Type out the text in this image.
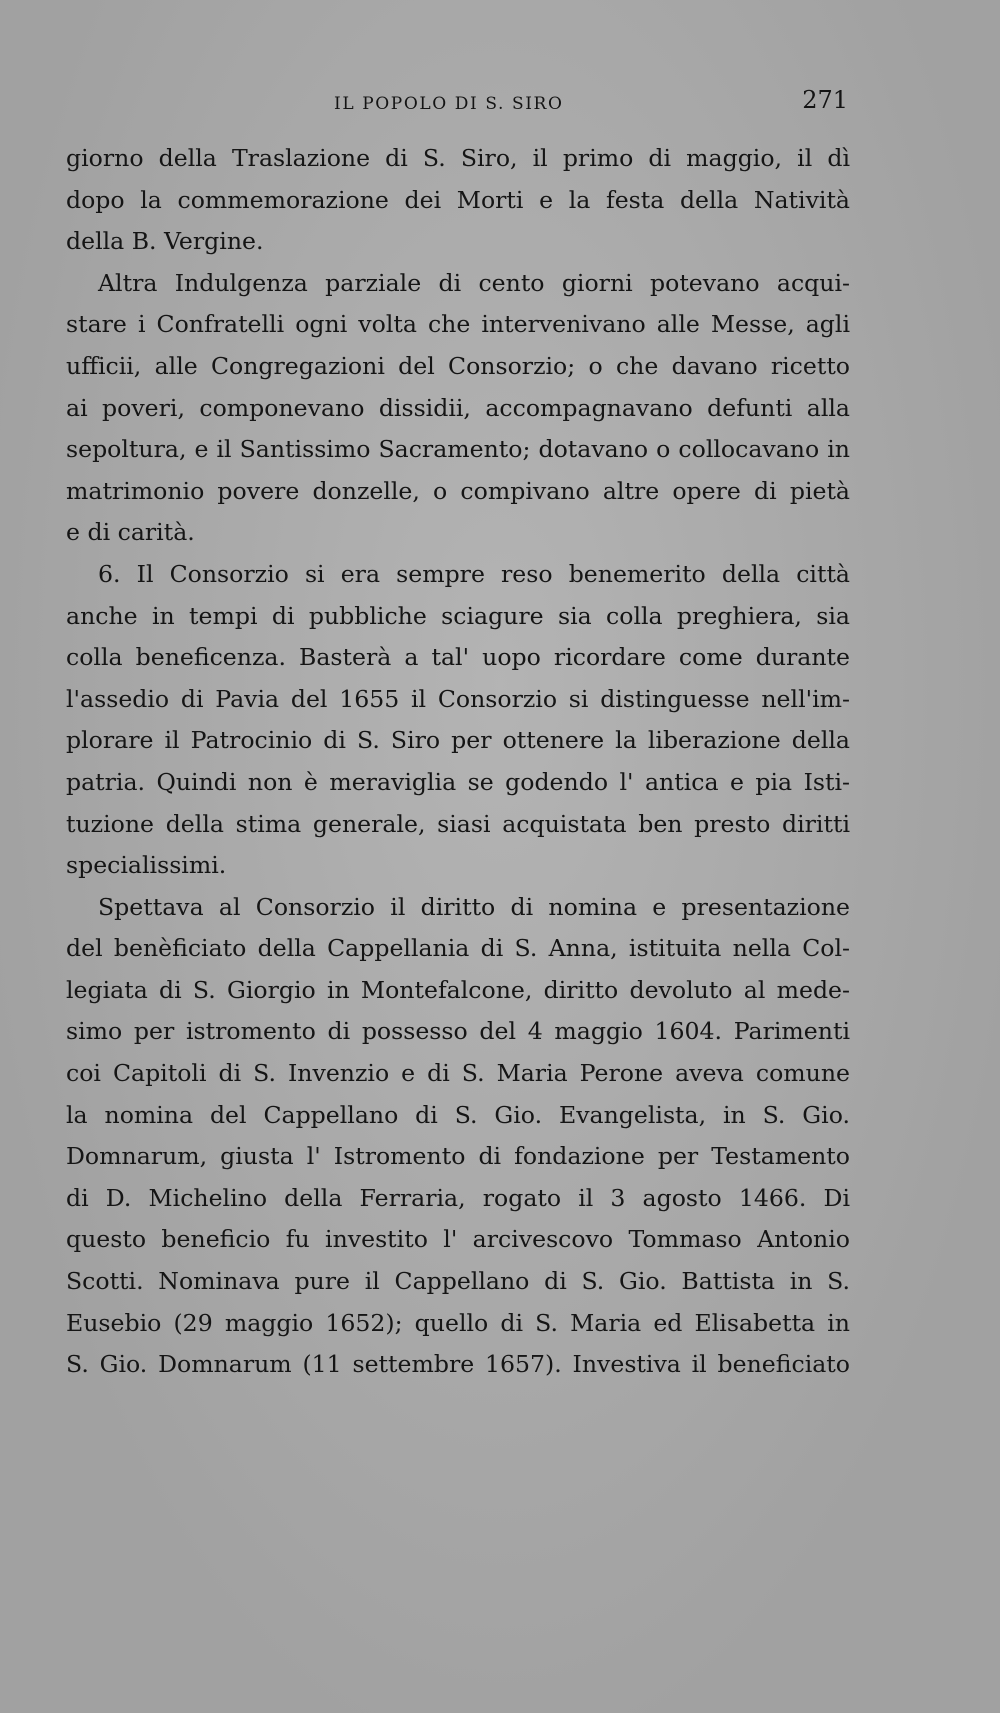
IL POPOLO DI S. SIRO	271
giorno della Traslazione di S. Siro, il primo di maggio, il dì
dopo la commemorazione dei Morti e la festa della Natività
della B. Vergine.
Altra Indulgenza parziale di cento giorni potevano acqui-
stare i Confratelli ogni volta che intervenivano alle Messe, agli
ufficii, alle Congregazioni del Consorzio; o che davano ricetto
ai poveri, componevano dissidii, accompagnavano defunti alla
sepoltura, e il Santissimo Sacramento; dotavano o collocavano in
matrimonio povere donzelle, o compivano altre opere di pietà
e di carità.
6. Il Consorzio si era sempre reso benemerito della città
anche in tempi di pubbliche sciagure sia colla preghiera, sia
colla beneficenza. Basterà a tal' uopo ricordare come durante
l'assedio di Pavia del 1655 il Consorzio si distinguesse nell'im-
plorare il Patrocinio di S. Siro per ottenere la liberazione della
patria. Quindi non è meraviglia se godendo l' antica e pia Isti-
tuzione della stima generale, siasi acquistata ben presto diritti
specialissimi.
Spettava al Consorzio il diritto di nomina e presentazione
del benèficiato della Cappellania di S. Anna, istituita nella Col-
legiata di S. Giorgio in Montefalcone, diritto devoluto al mede-
simo per istromento di possesso del 4 maggio 1604. Parimenti
coi Capitoli di S. Invenzio e di S. Maria Perone aveva comune
la nomina del Cappellano di S. Gio. Evangelista, in S. Gio.
Domnarum, giusta l' Istromento di fondazione per Testamento
di D. Michelino della Ferraria, rogato il 3 agosto 1466. Di
questo beneficio fu investito l' arcivescovo Tommaso Antonio
Scotti. Nominava pure il Cappellano di S. Gio. Battista in S.
Eusebio (29 maggio 1652); quello di S. Maria ed Elisabetta in
S. Gio. Domnarum (11 settembre 1657). Investiva il beneficiato
